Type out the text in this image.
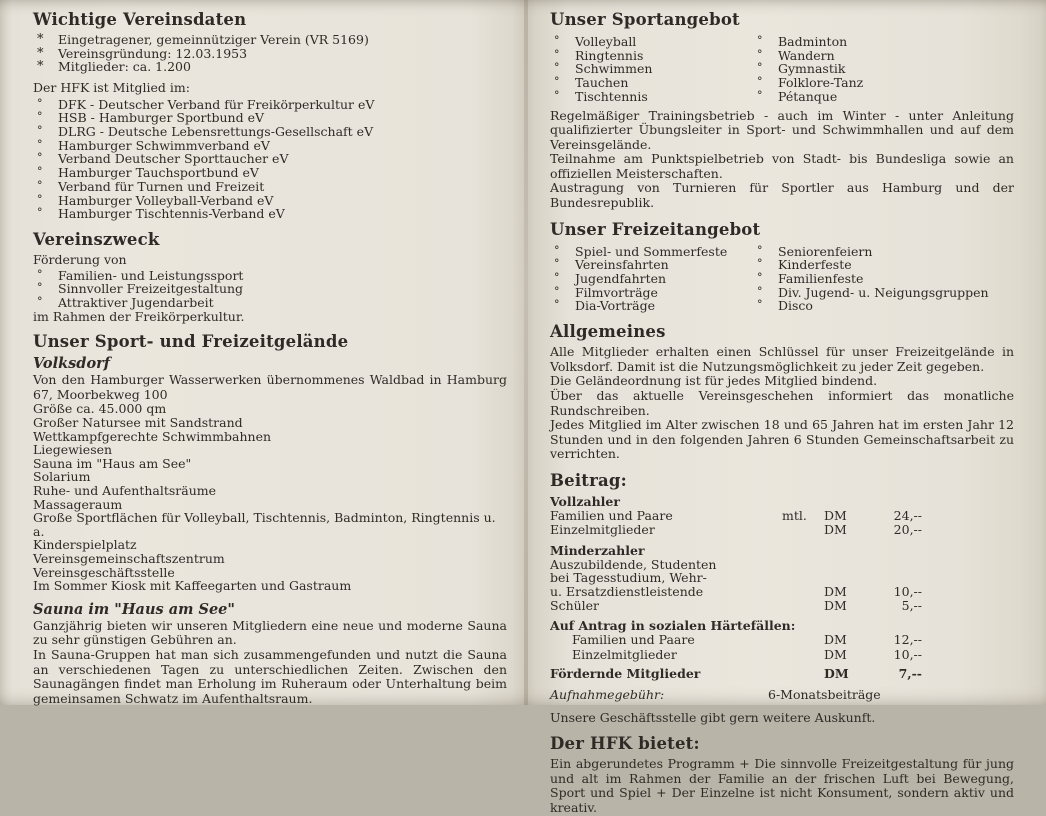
Wichtige Vereinsdaten
* Eingetragener, gemeinnütziger Verein (VR 5169)
* Vereinsgründung: 12.03.1953
* Mitglieder: ca. 1.200
Der HFK ist Mitglied im:
° DFK - Deutscher Verband für Freikörperkultur eV
° HSB - Hamburger Sportbund eV
° DLRG - Deutsche Lebensrettungs-Gesellschaft eV
° Hamburger Schwimmverband eV
° Verband Deutscher Sporttaucher eV
° Hamburger Tauchsportbund eV
° Verband für Turnen und Freizeit
° Hamburger Volleyball-Verband eV
° Hamburger Tischtennis-Verband eV
Vereinszweck
Förderung von
° Familien- und Leistungssport
° Sinnvoller Freizeitgestaltung
° Attraktiver Jugendarbeit
im Rahmen der Freikörperkultur.
Unser Sport- und Freizeitgelände
Volksdorf

Von den Hamburger Wasserwerken übernommenes Waldbad in Hamburg 67, Moorbekweg 100

Größe ca. 45.000 qm
Großer Natursee mit Sandstrand
Wettkampfgerechte Schwimmbahnen
Liegewiesen
Sauna im "Haus am See"
Solarium
Ruhe- und Aufenthaltsräume
Massageraum
Große Sportflächen für Volleyball, Tischtennis, Badminton, Ringtennis u. a.
Kinderspielplatz
Vereinsgemeinschaftszentrum
Vereinsgeschäftsstelle
Im Sommer Kiosk mit Kaffeegarten und Gastraum
Sauna im "Haus am See"

Ganzjährig bieten wir unseren Mitgliedern eine neue und moderne Sauna zu sehr günstigen Gebühren an.

In Sauna-Gruppen hat man sich zusammengefunden und nutzt die Sauna an verschiedenen Tagen zu unterschiedlichen Zeiten. Zwischen den Saunagängen findet man Erholung im Ruheraum oder Unterhaltung beim gemeinsamen Schwatz im Aufenthaltsraum.

Unser Sportangebot
° Volleyball
° Ringtennis
° Schwimmen
° Tauchen
° Tischtennis
° Badminton
° Wandern
° Gymnastik
° Folklore-Tanz
° Pétanque

Regelmäßiger Trainingsbetrieb - auch im Winter - unter Anleitung qualifizierter Übungsleiter in Sport- und Schwimmhallen und auf dem Vereinsgelände.

Teilnahme am Punktspielbetrieb von Stadt- bis Bundesliga sowie an offiziellen Meisterschaften.

Austragung von Turnieren für Sportler aus Hamburg und der Bundesrepublik.

Unser Freizeitangebot
° Spiel- und Sommerfeste
° Vereinsfahrten
° Jugendfahrten
° Filmvorträge
° Dia-Vorträge
° Seniorenfeiern
° Kinderfeste
° Familienfeste
° Div. Jugend- u. Neigungsgruppen
° Disco
Allgemeines

Alle Mitglieder erhalten einen Schlüssel für unser Freizeitgelände in Volksdorf. Damit ist die Nutzungsmöglichkeit zu jeder Zeit gegeben.

Die Geländeordnung ist für jedes Mitglied bindend.

Über das aktuelle Vereinsgeschehen informiert das monatliche Rundschreiben.

Jedes Mitglied im Alter zwischen 18 und 65 Jahren hat im ersten Jahr 12 Stunden und in den folgenden Jahren 6 Stunden Gemeinschaftsarbeit zu verrichten.

Beitrag:
Vollzahler
Familien und Paare	mtl.	DM	24,--
Einzelmitglieder	DM	20,--
Minderzahler
Auszubildende, Studenten
bei Tagesstudium, Wehr-
u. Ersatzdienstleistende	DM	10,--
Schüler	DM	5,--
Auf Antrag in sozialen Härtefällen:
Familien und Paare	DM	12,--
Einzelmitglieder	DM	10,--
Fördernde Mitglieder	DM	7,--
Aufnahmegebühr:	6-Monatsbeiträge
Unsere Geschäftsstelle gibt gern weitere Auskunft.
Der HFK bietet:

Ein abgerundetes Programm + Die sinnvolle Freizeitgestaltung für jung und alt im Rahmen der Familie an der frischen Luft bei Bewegung, Sport und Spiel + Der Einzelne ist nicht Konsument, sondern aktiv und kreativ.
